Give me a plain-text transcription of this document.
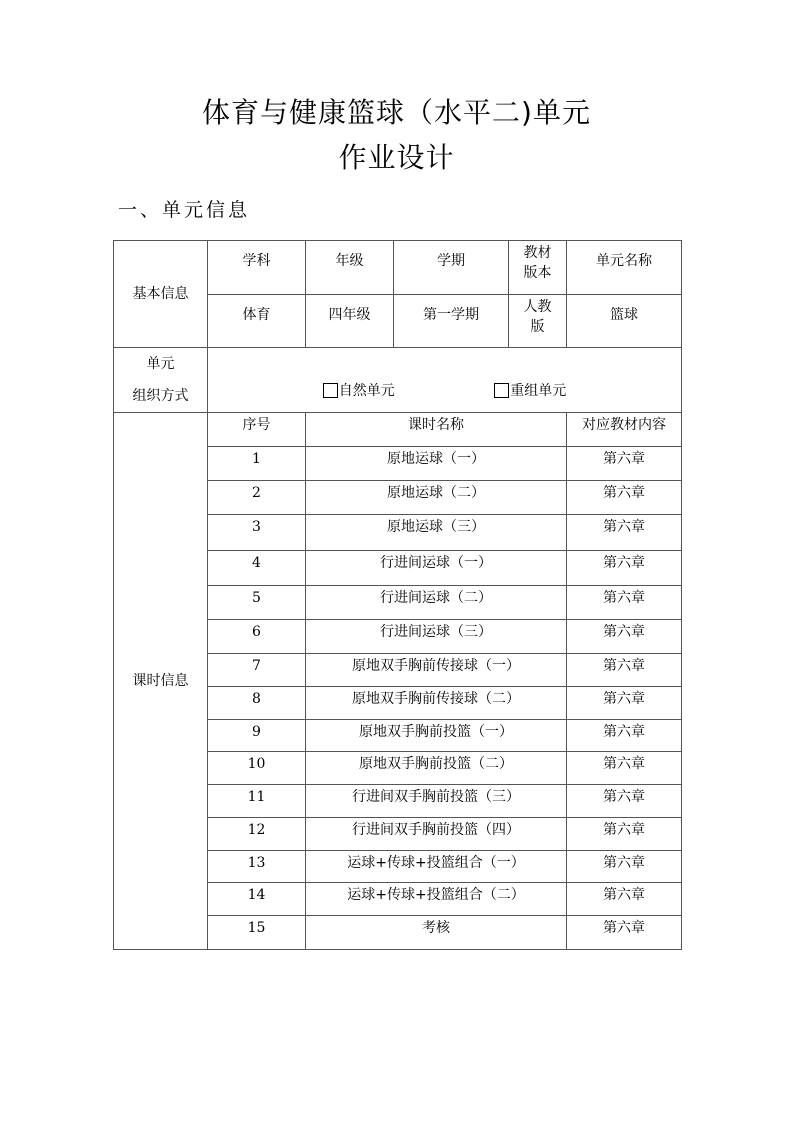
体育与健康篮球（水平二)单元
作业设计
一、单元信息
基本信息	学科	年级	学期	教材版本	单元名称
	体育	四年级	第一学期	人教版	篮球

单元
组织方式	自然单元 重组单元				
课时信息	序号	课时名称			对应教材内容
	1	原地运球（一）			第六章
	2	原地运球（二）			第六章
	3	原地运球（三）			第六章
	4	行进间运球（一）			第六章
	5	行进间运球（二）			第六章
	6	行进间运球（三）			第六章
	7	原地双手胸前传接球（一）			第六章
	8	原地双手胸前传接球（二）			第六章
	9	原地双手胸前投篮（一）			第六章
	10	原地双手胸前投篮（二）			第六章
	11	行进间双手胸前投篮（三）			第六章
	12	行进间双手胸前投篮（四）			第六章
	13	运球+传球+投篮组合（一）			第六章
	14	运球+传球+投篮组合（二）			第六章
	15	考核			第六章
